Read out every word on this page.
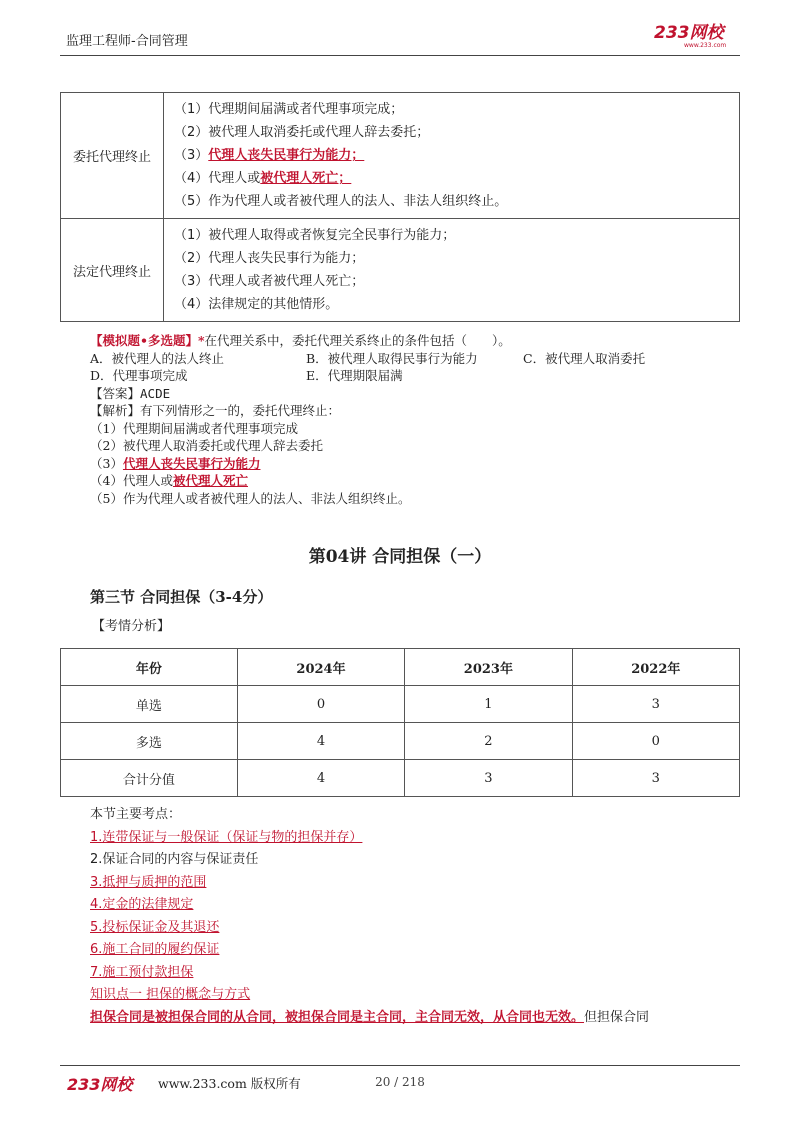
监理工程师-合同管理	233网校
www.233.com
委托代理终止	（1）代理期间届满或者代理事项完成；
（2）被代理人取消委托或代理人辞去委托；
（3）代理人丧失民事行为能力；
（4）代理人或被代理人死亡；
（5）作为代理人或者被代理人的法人、非法人组织终止。

法定代理终止	（1）被代理人取得或者恢复完全民事行为能力；
（2）代理人丧失民事行为能力；
（3）代理人或者被代理人死亡；
（4）法律规定的其他情形。
【模拟题•多选题】*在代理关系中，委托代理关系终止的条件包括（　　）。
A．被代理人的法人终止	B．被代理人取得民事行为能力	C．被代理人取消委托
D．代理事项完成	E．代理期限届满
【答案】ACDE
【解析】有下列情形之一的，委托代理终止：
（1）代理期间届满或者代理事项完成
（2）被代理人取消委托或代理人辞去委托
（3）代理人丧失民事行为能力
（4）代理人或被代理人死亡
（5）作为代理人或者被代理人的法人、非法人组织终止。
第04讲 合同担保（一）
第三节 合同担保（3-4分）
【考情分析】
年份	2024年	2023年	2022年
单选	0	1	3
多选	4	2	0
合计分值	4	3	3
本节主要考点：
1.连带保证与一般保证（保证与物的担保并存）
2.保证合同的内容与保证责任
3.抵押与质押的范围
4.定金的法律规定
5.投标保证金及其退还
6.施工合同的履约保证
7.施工预付款担保
知识点一 担保的概念与方式
担保合同是被担保合同的从合同，被担保合同是主合同，主合同无效，从合同也无效。但担保合同
233网校 www.233.com 版权所有	20 / 218
